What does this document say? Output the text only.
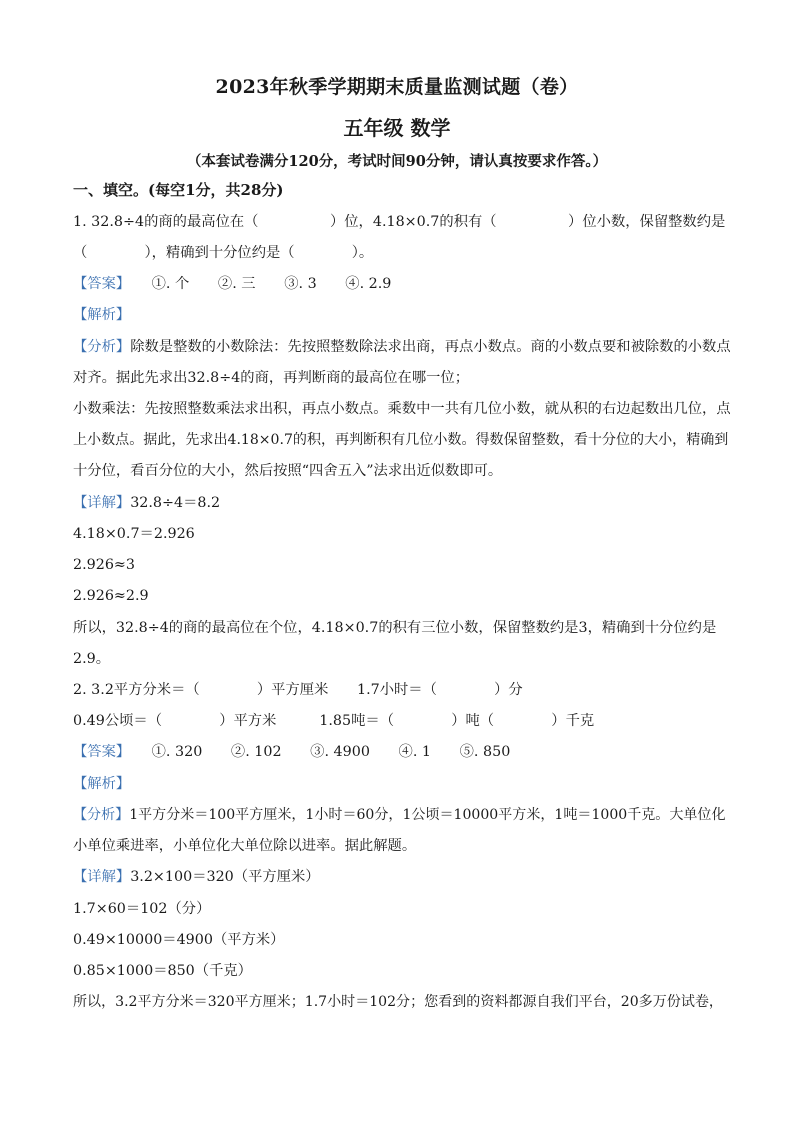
2023年秋季学期期末质量监测试题（卷）
五年级 数学
（本套试卷满分120分，考试时间90分钟，请认真按要求作答。）
一、填空。(每空1分，共28分)
1. 32.8÷4的商的最高位在（　　　　　）位，4.18×0.7的积有（　　　　　）位小数，保留整数约是
（　　　　），精确到十分位约是（　　　　）。
【答案】　　①. 个　　②. 三　　③. 3　　④. 2.9
【解析】
【分析】除数是整数的小数除法：先按照整数除法求出商，再点小数点。商的小数点要和被除数的小数点
对齐。据此先求出32.8÷4的商，再判断商的最高位在哪一位；
小数乘法：先按照整数乘法求出积，再点小数点。乘数中一共有几位小数，就从积的右边起数出几位，点
上小数点。据此，先求出4.18×0.7的积，再判断积有几位小数。得数保留整数，看十分位的大小，精确到
十分位，看百分位的大小，然后按照“四舍五入”法求出近似数即可。
【详解】32.8÷4＝8.2
4.18×0.7＝2.926
2.926≈3
2.926≈2.9
所以，32.8÷4的商的最高位在个位，4.18×0.7的积有三位小数，保留整数约是3，精确到十分位约是
2.9。
2. 3.2平方分米＝（　　　　）平方厘米　　1.7小时＝（　　　　）分
0.49公顷＝（　　　　）平方米　　　1.85吨＝（　　　　）吨（　　　　）千克
【答案】　　①. 320　　②. 102　　③. 4900　　④. 1　　⑤. 850
【解析】
【分析】1平方分米＝100平方厘米，1小时＝60分，1公顷＝10000平方米，1吨＝1000千克。大单位化
小单位乘进率，小单位化大单位除以进率。据此解题。
【详解】3.2×100＝320（平方厘米）
1.7×60＝102（分）
0.49×10000＝4900（平方米）
0.85×1000＝850（千克）
所以，3.2平方分米＝320平方厘米；1.7小时＝102分；您看到的资料都源自我们平台，20多万份试卷，
